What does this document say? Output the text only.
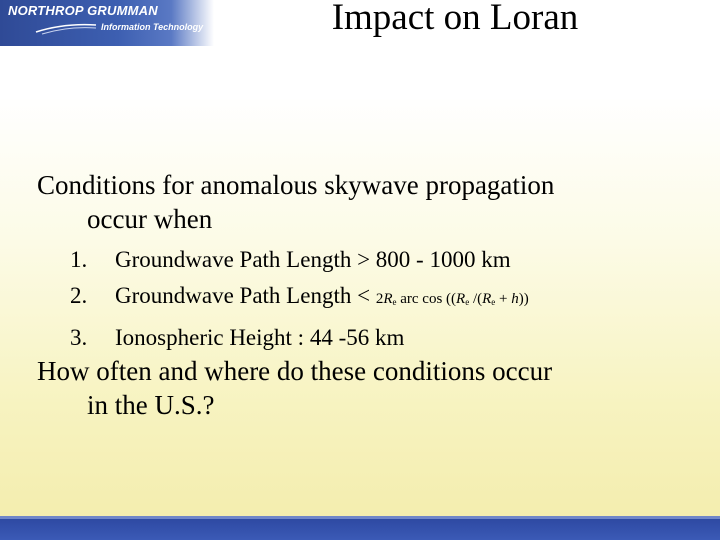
NORTHROP GRUMMAN
Information Technology	Impact on Loran
Conditions for anomalous skywave propagation
occur when
1. Groundwave Path Length > 800 - 1000 km
2. Groundwave Path Length < $2R_e$ arc $\cos ((R_e$ $/(R_e + h)$)
3. Ionospheric Height : 44 -56 km
How often and where do these conditions occur
in the U.S.?
